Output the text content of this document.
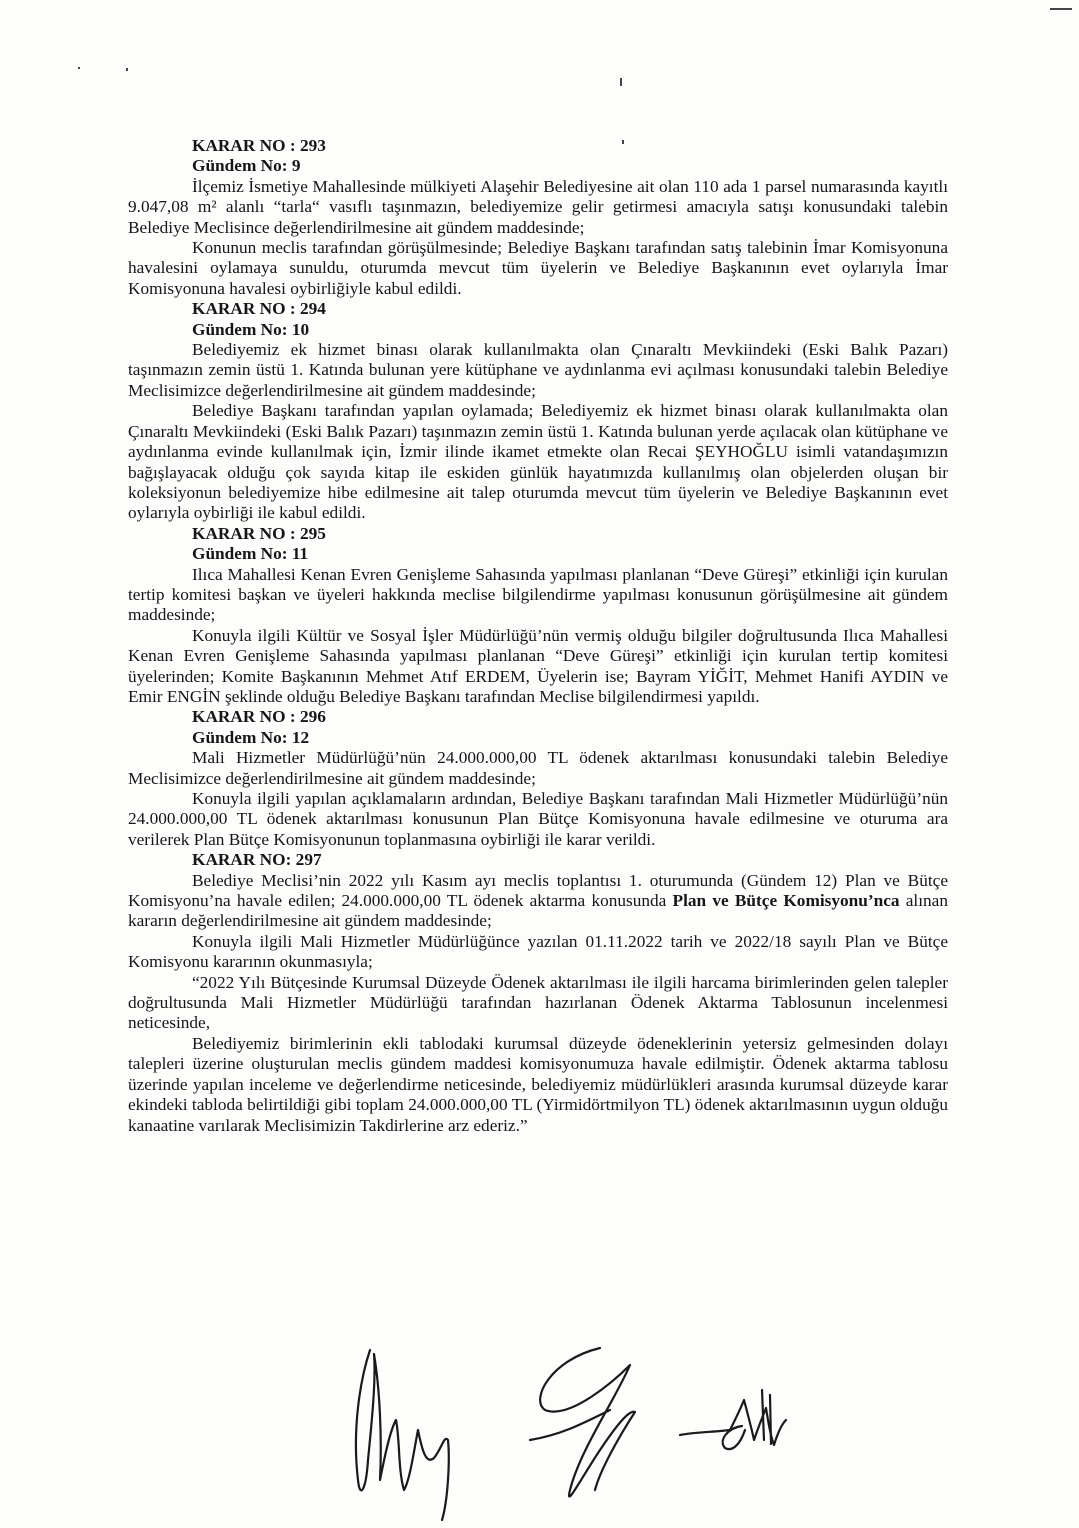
KARAR NO : 293

Gündem No: 9

İlçemiz İsmetiye Mahallesinde mülkiyeti Alaşehir Belediyesine ait olan 110 ada 1 parsel numarasında kayıtlı 9.047,08 m² alanlı “tarla“ vasıflı taşınmazın, belediyemize gelir getirmesi amacıyla satışı konusundaki talebin Belediye Meclisince değerlendirilmesine ait gündem maddesinde;

Konunun meclis tarafından görüşülmesinde; Belediye Başkanı tarafından satış talebinin İmar Komisyonuna havalesini oylamaya sunuldu, oturumda mevcut tüm üyelerin ve Belediye Başkanının evet oylarıyla İmar Komisyonuna havalesi oybirliğiyle kabul edildi.

KARAR NO : 294

Gündem No: 10

Belediyemiz ek hizmet binası olarak kullanılmakta olan Çınaraltı Mevkiindeki (Eski Balık Pazarı) taşınmazın zemin üstü 1. Katında bulunan yere kütüphane ve aydınlanma evi açılması konusundaki talebin Belediye Meclisimizce değerlendirilmesine ait gündem maddesinde;

Belediye Başkanı tarafından yapılan oylamada; Belediyemiz ek hizmet binası olarak kullanılmakta olan Çınaraltı Mevkiindeki (Eski Balık Pazarı) taşınmazın zemin üstü 1. Katında bulunan yerde açılacak olan kütüphane ve aydınlanma evinde kullanılmak için, İzmir ilinde ikamet etmekte olan Recai ŞEYHOĞLU isimli vatandaşımızın bağışlayacak olduğu çok sayıda kitap ile eskiden günlük hayatımızda kullanılmış olan objelerden oluşan bir koleksiyonun belediyemize hibe edilmesine ait talep oturumda mevcut tüm üyelerin ve Belediye Başkanının evet oylarıyla oybirliği ile kabul edildi.

KARAR NO : 295

Gündem No: 11

Ilıca Mahallesi Kenan Evren Genişleme Sahasında yapılması planlanan “Deve Güreşi” etkinliği için kurulan tertip komitesi başkan ve üyeleri hakkında meclise bilgilendirme yapılması konusunun görüşülmesine ait gündem maddesinde;

Konuyla ilgili Kültür ve Sosyal İşler Müdürlüğü’nün vermiş olduğu bilgiler doğrultusunda Ilıca Mahallesi Kenan Evren Genişleme Sahasında yapılması planlanan “Deve Güreşi” etkinliği için kurulan tertip komitesi üyelerinden; Komite Başkanının Mehmet Atıf ERDEM, Üyelerin ise; Bayram YİĞİT, Mehmet Hanifi AYDIN ve Emir ENGİN şeklinde olduğu Belediye Başkanı tarafından Meclise bilgilendirmesi yapıldı.

KARAR NO : 296

Gündem No: 12

Mali Hizmetler Müdürlüğü’nün 24.000.000,00 TL ödenek aktarılması konusundaki talebin Belediye Meclisimizce değerlendirilmesine ait gündem maddesinde;

Konuyla ilgili yapılan açıklamaların ardından, Belediye Başkanı tarafından Mali Hizmetler Müdürlüğü’nün 24.000.000,00 TL ödenek aktarılması konusunun Plan Bütçe Komisyonuna havale edilmesine ve oturuma ara verilerek Plan Bütçe Komisyonunun toplanmasına oybirliği ile karar verildi.

KARAR NO: 297

Belediye Meclisi’nin 2022 yılı Kasım ayı meclis toplantısı 1. oturumunda (Gündem 12) Plan ve Bütçe Komisyonu’na havale edilen; 24.000.000,00 TL ödenek aktarma konusunda Plan ve Bütçe Komisyonu’nca alınan kararın değerlendirilmesine ait gündem maddesinde;

Konuyla ilgili Mali Hizmetler Müdürlüğünce yazılan 01.11.2022 tarih ve 2022/18 sayılı Plan ve Bütçe Komisyonu kararının okunmasıyla;

“2022 Yılı Bütçesinde Kurumsal Düzeyde Ödenek aktarılması ile ilgili harcama birimlerinden gelen talepler doğrultusunda Mali Hizmetler Müdürlüğü tarafından hazırlanan Ödenek Aktarma Tablosunun incelenmesi neticesinde,

Belediyemiz birimlerinin ekli tablodaki kurumsal düzeyde ödeneklerinin yetersiz gelmesinden dolayı talepleri üzerine oluşturulan meclis gündem maddesi komisyonumuza havale edilmiştir. Ödenek aktarma tablosu üzerinde yapılan inceleme ve değerlendirme neticesinde, belediyemiz müdürlükleri arasında kurumsal düzeyde karar ekindeki tabloda belirtildiği gibi toplam 24.000.000,00 TL (Yirmidörtmilyon TL) ödenek aktarılmasının uygun olduğu kanaatine varılarak Meclisimizin Takdirlerine arz ederiz.”
